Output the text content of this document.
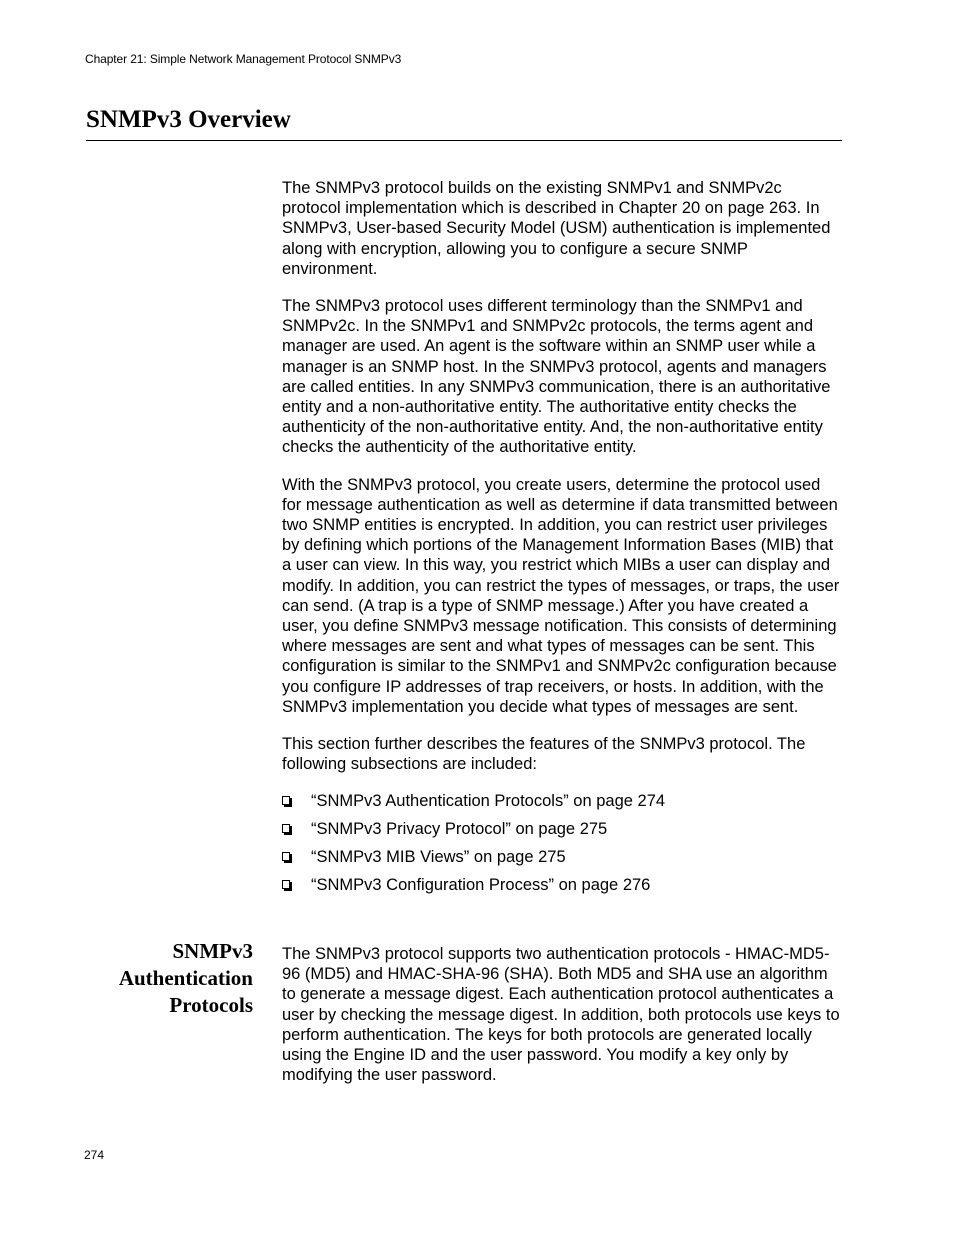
Chapter 21: Simple Network Management Protocol SNMPv3
SNMPv3 Overview

The SNMPv3 protocol builds on the existing SNMPv1 and SNMPv2c protocol implementation which is described in Chapter 20 on page 263. In SNMPv3, User-based Security Model (USM) authentication is implemented along with encryption, allowing you to configure a secure SNMP environment.

The SNMPv3 protocol uses different terminology than the SNMPv1 and SNMPv2c. In the SNMPv1 and SNMPv2c protocols, the terms agent and manager are used. An agent is the software within an SNMP user while a manager is an SNMP host. In the SNMPv3 protocol, agents and managers are called entities. In any SNMPv3 communication, there is an authoritative entity and a non-authoritative entity. The authoritative entity checks the authenticity of the non-authoritative entity. And, the non-authoritative entity checks the authenticity of the authoritative entity.

With the SNMPv3 protocol, you create users, determine the protocol used for message authentication as well as determine if data transmitted between two SNMP entities is encrypted. In addition, you can restrict user privileges by defining which portions of the Management Information Bases (MIB) that a user can view. In this way, you restrict which MIBs a user can display and modify. In addition, you can restrict the types of messages, or traps, the user can send. (A trap is a type of SNMP message.) After you have created a user, you define SNMPv3 message notification. This consists of determining where messages are sent and what types of messages can be sent. This configuration is similar to the SNMPv1 and SNMPv2c configuration because you configure IP addresses of trap receivers, or hosts. In addition, with the SNMPv3 implementation you decide what types of messages are sent.

This section further describes the features of the SNMPv3 protocol. The following subsections are included:

“SNMPv3 Authentication Protocols” on page 274
“SNMPv3 Privacy Protocol” on page 275
“SNMPv3 MIB Views” on page 275
“SNMPv3 Configuration Process” on page 276
SNMPv3
Authentication
Protocols

The SNMPv3 protocol supports two authentication protocols - HMAC-MD5-96 (MD5) and HMAC-SHA-96 (SHA). Both MD5 and SHA use an algorithm to generate a message digest. Each authentication protocol authenticates a user by checking the message digest. In addition, both protocols use keys to perform authentication. The keys for both protocols are generated locally using the Engine ID and the user password. You modify a key only by modifying the user password.

274
